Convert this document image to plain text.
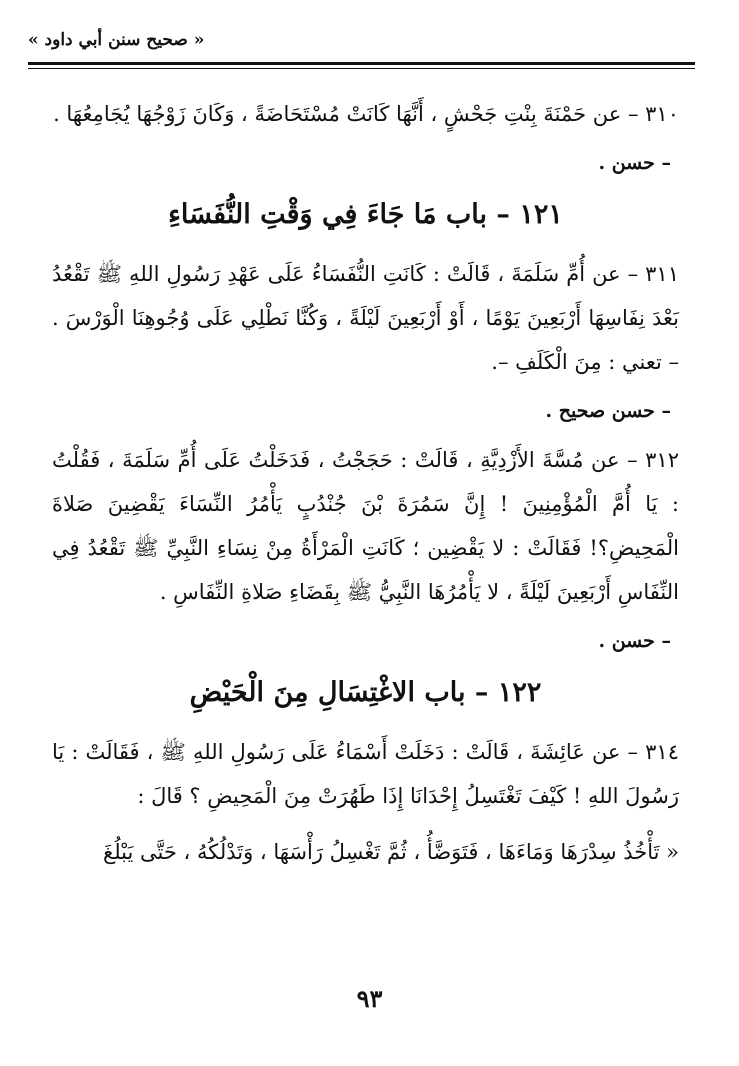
« صحيح سنن أبي داود »

٣١٠ – عن حَمْنَةَ بِنْتِ جَحْشٍ ، أَنَّهَا كَانَتْ مُسْتَحَاضَةً ، وَكَانَ زَوْجُهَا يُجَامِعُهَا .

– حسن .

١٢١ – باب مَا جَاءَ فِي وَقْتِ النُّفَسَاءِ

٣١١ – عن أُمِّ سَلَمَةَ ، قَالَتْ : كَانَتِ النُّفَسَاءُ عَلَى عَهْدِ رَسُولِ اللهِ ﷺ تَقْعُدُ بَعْدَ نِفَاسِهَا أَرْبَعِينَ يَوْمًا ، أَوْ أَرْبَعِينَ لَيْلَةً ، وَكُنَّا نَطْلِي عَلَى وُجُوهِنَا الْوَرْسَ . – تعني : مِنَ الْكَلَفِ –.

– حسن صحيح .

٣١٢ – عن مُسَّةَ الأَزْدِيَّةِ ، قَالَتْ : حَجَجْتُ ، فَدَخَلْتُ عَلَى أُمِّ سَلَمَةَ ، فَقُلْتُ : يَا أُمَّ الْمُؤْمِنِينَ ! إِنَّ سَمُرَةَ بْنَ جُنْدُبٍ يَأْمُرُ النِّسَاءَ يَقْضِينَ صَلاةَ الْمَحِيضِ؟! فَقَالَتْ : لا يَقْضِين ؛ كَانَتِ الْمَرْأَةُ مِنْ نِسَاءِ النَّبِيِّ ﷺ تَقْعُدُ فِي النِّفَاسِ أَرْبَعِينَ لَيْلَةً ، لا يَأْمُرُهَا النَّبِيُّ ﷺ بِقَضَاءِ صَلاةِ النِّفَاسِ .

– حسن .

١٢٢ – باب الاغْتِسَالِ مِنَ الْحَيْضِ

٣١٤ – عن عَائِشَةَ ، قَالَتْ : دَخَلَتْ أَسْمَاءُ عَلَى رَسُولِ اللهِ ﷺ ، فَقَالَتْ : يَا رَسُولَ اللهِ ! كَيْفَ تَغْتَسِلُ إِحْدَانَا إِذَا طَهُرَتْ مِنَ الْمَحِيضِ ؟ قَالَ :

« تَأْخُذُ سِدْرَهَا وَمَاءَهَا ، فَتَوَضَّأُ ، ثُمَّ تَغْسِلُ رَأْسَهَا ، وَتَدْلُكُهُ ، حَتَّى يَبْلُغَ

٩٣
